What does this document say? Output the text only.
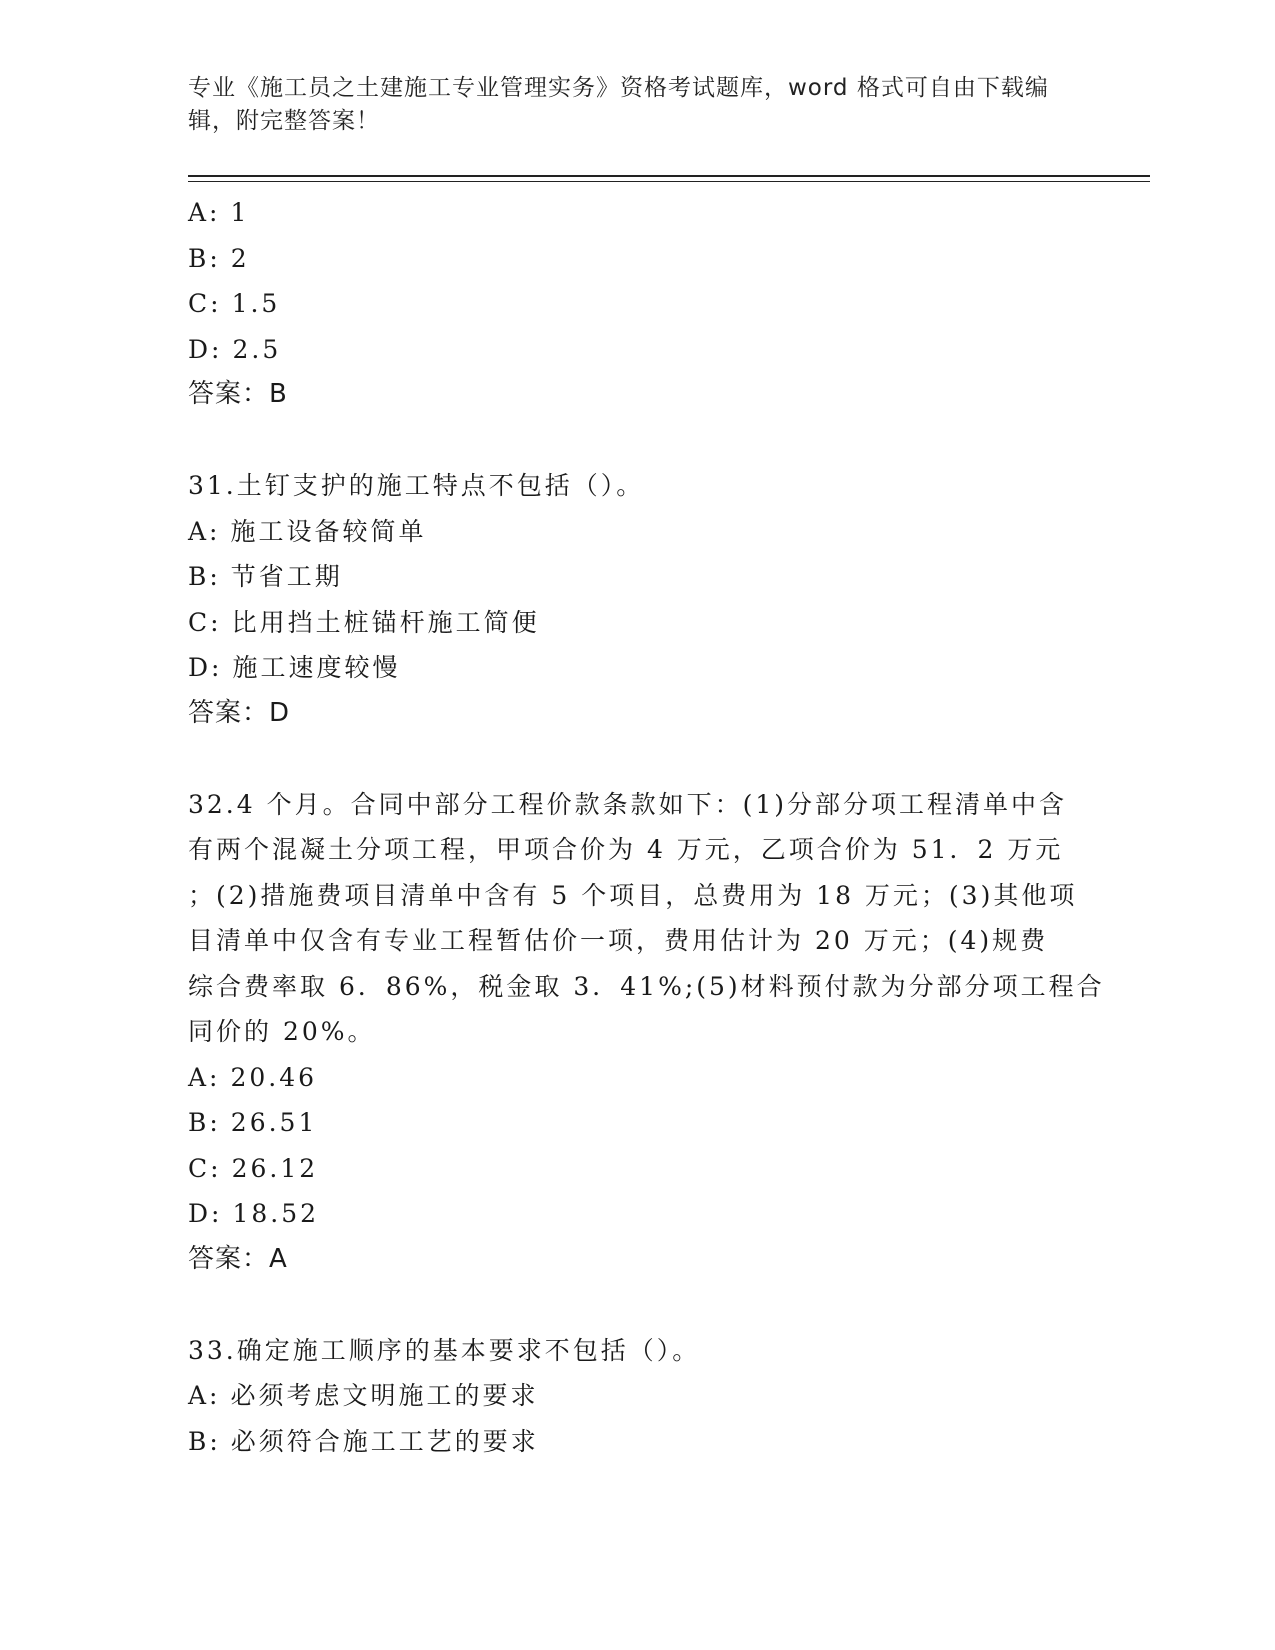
专业《施工员之土建施工专业管理实务》资格考试题库，word 格式可自由下载编
辑，附完整答案！
A: 1
B: 2
C: 1.5
D: 2.5
答案：B
31.土钉支护的施工特点不包括（）。
A: 施工设备较简单
B: 节省工期
C: 比用挡土桩锚杆施工简便
D: 施工速度较慢
答案：D
32.4 个月。合同中部分工程价款条款如下：(1)分部分项工程清单中含
有两个混凝土分项工程，甲项合价为 4 万元，乙项合价为 51．2 万元
；(2)措施费项目清单中含有 5 个项目，总费用为 18 万元；(3)其他项
目清单中仅含有专业工程暂估价一项，费用估计为 20 万元；(4)规费
综合费率取 6．86%，税金取 3．41%;(5)材料预付款为分部分项工程合
同价的 20%。
A: 20.46
B: 26.51
C: 26.12
D: 18.52
答案：A
33.确定施工顺序的基本要求不包括（）。
A: 必须考虑文明施工的要求
B: 必须符合施工工艺的要求
